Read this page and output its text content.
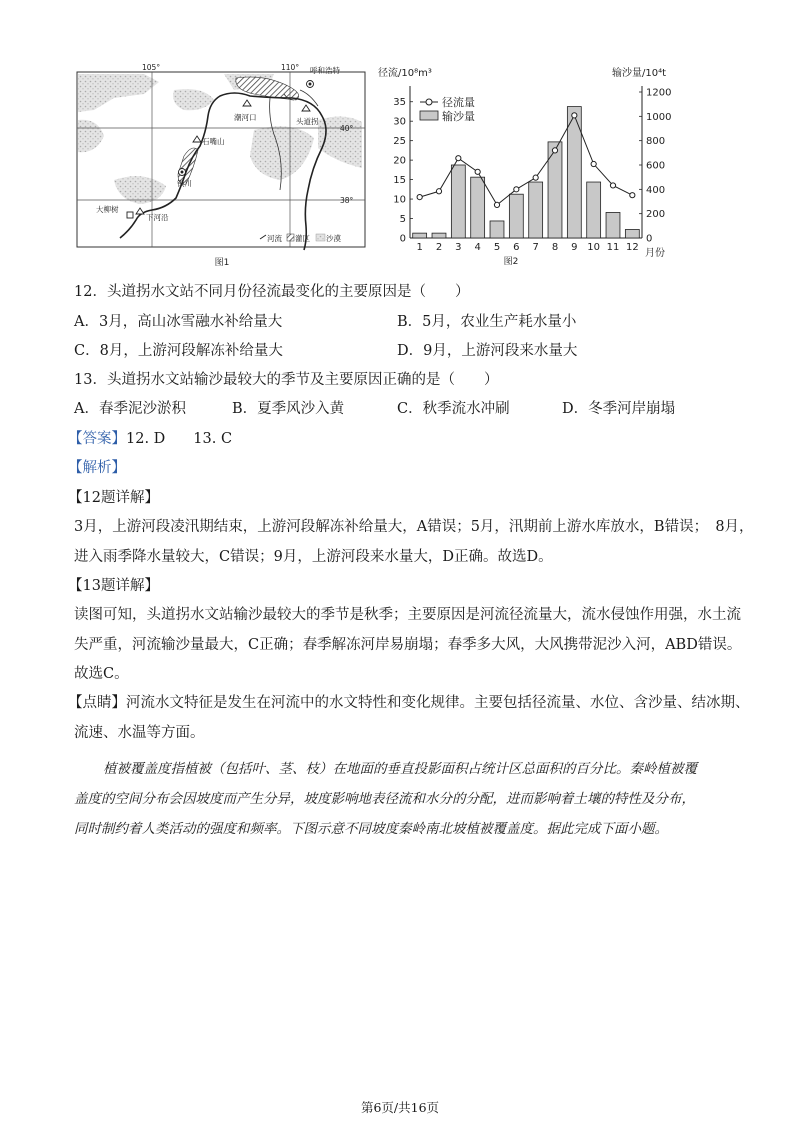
105°	110°
40°
38°
呼和浩特
潮河口	头道拐
石嘴山
银川
大柳树
下河沿
河流 灌区 沙漠
图1
径流/10⁸m³	输沙量/10⁴t
月份
图2
0
5
10
15
20
25
30
35
0
200
400
600
800
1000
1200
1 2 3 4 5 6 7 8 9 10 11 12
径流量
输沙量
12．头道拐水文站不同月份径流最变化的主要原因是（　　）
A．3月，高山冰雪融水补给量大	B．5月，农业生产耗水量小
C．8月，上游河段解冻补给量大	D．9月，上游河段来水量大
13．头道拐水文站输沙最较大的季节及主要原因正确的是（　　）
A．春季泥沙淤积	B．夏季风沙入黄	C．秋季流水冲刷	D．冬季河岸崩塌
【答案】12. D 13. C
【解析】
【12题详解】
3月，上游河段凌汛期结束，上游河段解冻补给量大，A错误；5月，汛期前上游水库放水，B错误；　8月，
进入雨季降水量较大，C错误；9月，上游河段来水量大，D正确。故选D。
【13题详解】
读图可知，头道拐水文站输沙最较大的季节是秋季；主要原因是河流径流量大，流水侵蚀作用强，水土流
失严重，河流输沙量最大，C正确；春季解冻河岸易崩塌；春季多大风，大风携带泥沙入河，ABD错误。
故选C。
【点睛】河流水文特征是发生在河流中的水文特性和变化规律。主要包括径流量、水位、含沙量、结冰期、
流速、水温等方面。
植被覆盖度指植被（包括叶、茎、枝）在地面的垂直投影面积占统计区总面积的百分比。秦岭植被覆
盖度的空间分布会因坡度而产生分异，坡度影响地表径流和水分的分配，进而影响着土壤的特性及分布，
同时制约着人类活动的强度和频率。下图示意不同坡度秦岭南北坡植被覆盖度。据此完成下面小题。
第6页/共16页
